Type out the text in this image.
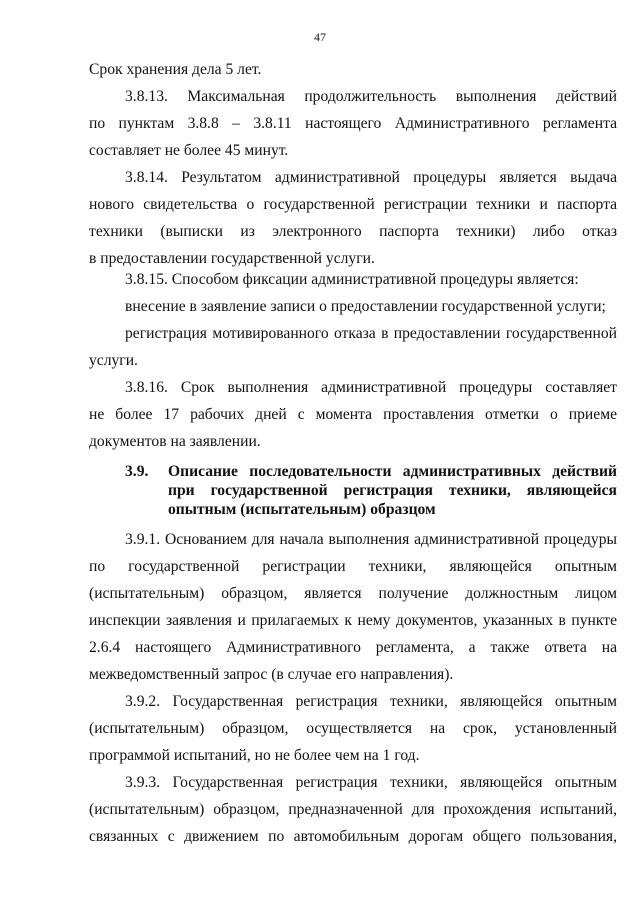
47
Срок хранения дела 5 лет.
3.8.13. Максимальная продолжительность выполнения действий
по пунктам 3.8.8 – 3.8.11 настоящего Административного регламента
составляет не более 45 минут.
3.8.14. Результатом административной процедуры является выдача
нового свидетельства о государственной регистрации техники и паспорта
техники (выписки из электронного паспорта техники) либо отказ
в предоставлении государственной услуги.
3.8.15. Способом фиксации административной процедуры является:
внесение в заявление записи о предоставлении государственной услуги;
регистрация мотивированного отказа в предоставлении государственной
услуги.
3.8.16. Срок выполнения административной процедуры составляет
не более 17 рабочих дней с момента проставления отметки о приеме
документов на заявлении.
3.9. Описание последовательности административных действий
при государственной регистрация техники, являющейся
опытным (испытательным) образцом
3.9.1. Основанием для начала выполнения административной процедуры
по государственной регистрации техники, являющейся опытным
(испытательным) образцом, является получение должностным лицом
инспекции заявления и прилагаемых к нему документов, указанных в пункте
2.6.4 настоящего Административного регламента, а также ответа на
межведомственный запрос (в случае его направления).
3.9.2. Государственная регистрация техники, являющейся опытным
(испытательным) образцом, осуществляется на срок, установленный
программой испытаний, но не более чем на 1 год.
3.9.3. Государственная регистрация техники, являющейся опытным
(испытательным) образцом, предназначенной для прохождения испытаний,
связанных с движением по автомобильным дорогам общего пользования,
